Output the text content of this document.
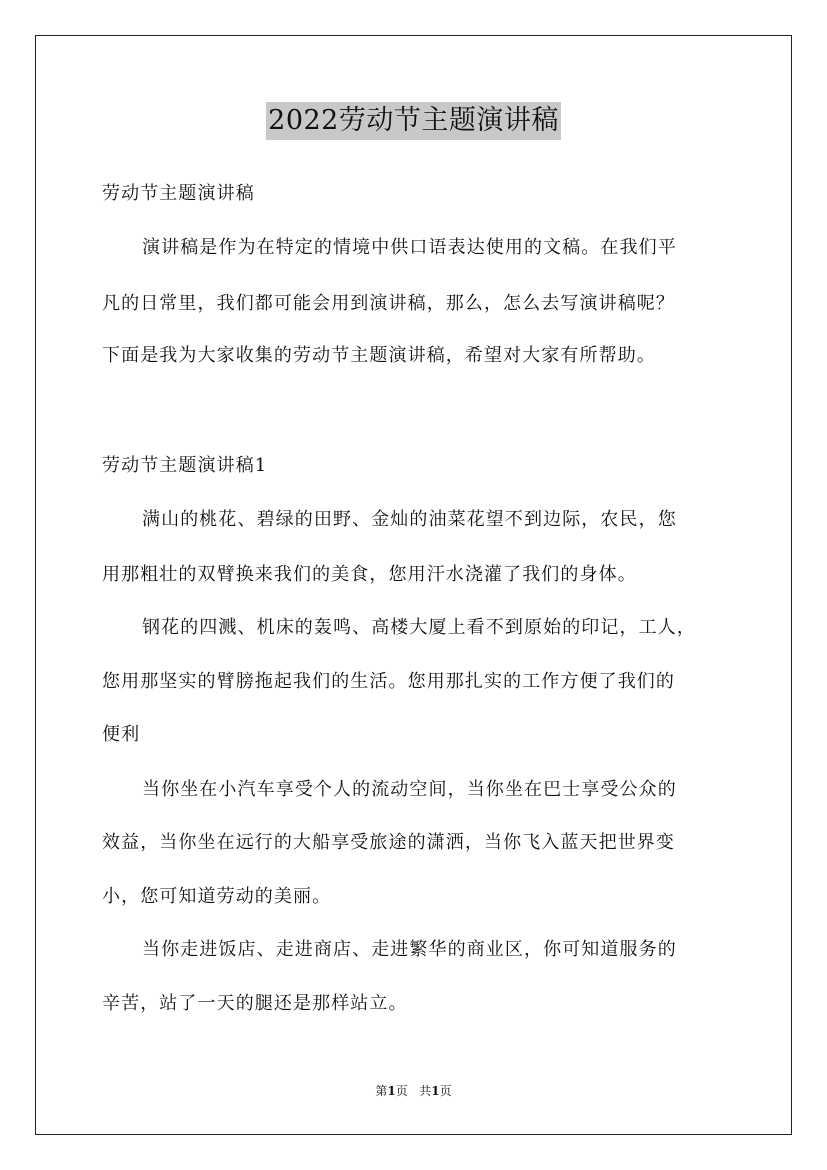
2022劳动节主题演讲稿
劳动节主题演讲稿
演讲稿是作为在特定的情境中供口语表达使用的文稿。在我们平
凡的日常里，我们都可能会用到演讲稿，那么，怎么去写演讲稿呢？
下面是我为大家收集的劳动节主题演讲稿，希望对大家有所帮助。
劳动节主题演讲稿1
满山的桃花、碧绿的田野、金灿的油菜花望不到边际，农民，您
用那粗壮的双臂换来我们的美食，您用汗水浇灌了我们的身体。
钢花的四溅、机床的轰鸣、高楼大厦上看不到原始的印记，工人，
您用那坚实的臂膀拖起我们的生活。您用那扎实的工作方便了我们的
便利
当你坐在小汽车享受个人的流动空间，当你坐在巴士享受公众的
效益，当你坐在远行的大船享受旅途的潇洒，当你飞入蓝天把世界变
小，您可知道劳动的美丽。
当你走进饭店、走进商店、走进繁华的商业区，你可知道服务的
辛苦，站了一天的腿还是那样站立。
第1页 共1页
